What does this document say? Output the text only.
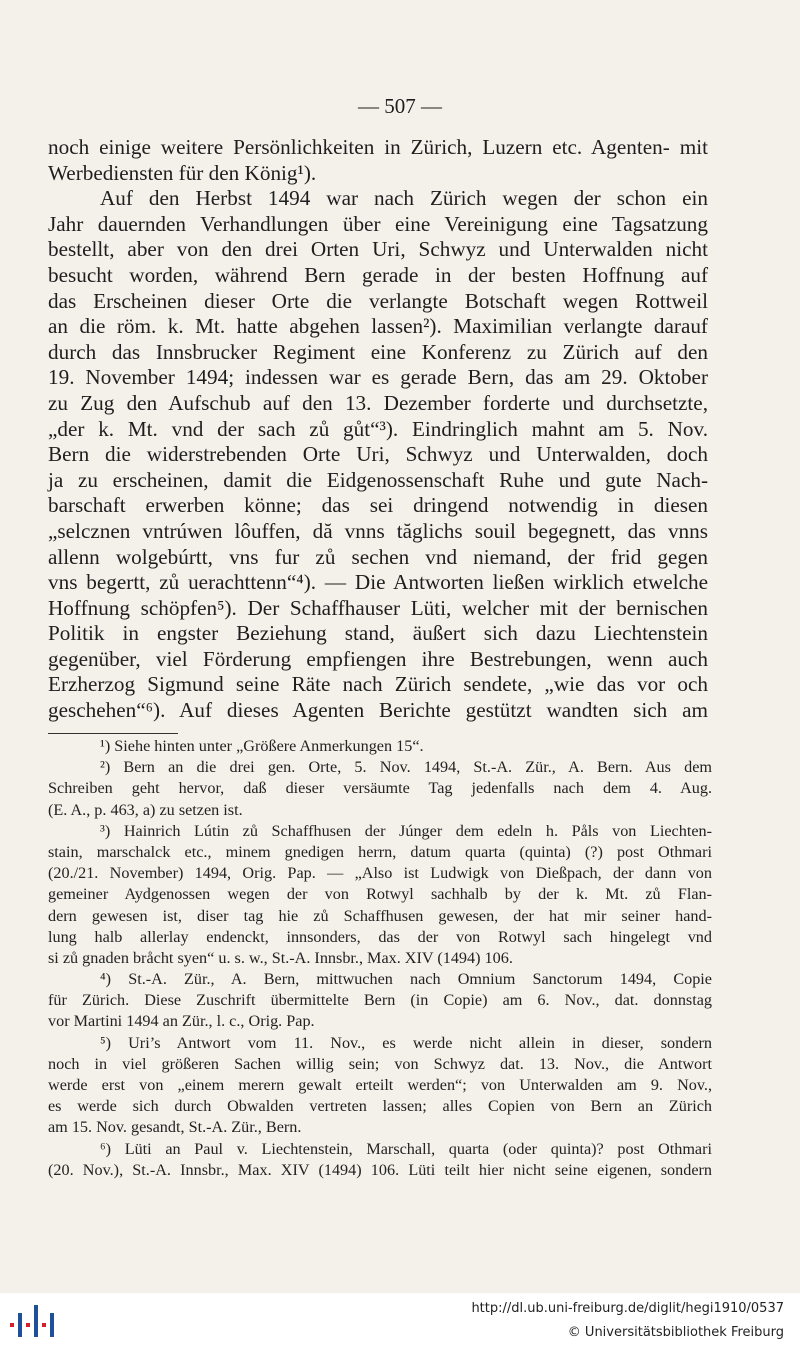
— 507 —
noch einige weitere Persönlichkeiten in Zürich, Luzern etc. Agenten- mit
Werbediensten für den König¹).
Auf den Herbst 1494 war nach Zürich wegen der schon ein
Jahr dauernden Verhandlungen über eine Vereinigung eine Tagsatzung
bestellt, aber von den drei Orten Uri, Schwyz und Unterwalden nicht
besucht worden, während Bern gerade in der besten Hoffnung auf
das Erscheinen dieser Orte die verlangte Botschaft wegen Rottweil
an die röm. k. Mt. hatte abgehen lassen²). Maximilian verlangte darauf
durch das Innsbrucker Regiment eine Konferenz zu Zürich auf den
19. November 1494; indessen war es gerade Bern, das am 29. Oktober
zu Zug den Aufschub auf den 13. Dezember forderte und durchsetzte,
„der k. Mt. vnd der sach zů gůt“³). Eindringlich mahnt am 5. Nov.
Bern die widerstrebenden Orte Uri, Schwyz und Unterwalden, doch
ja zu erscheinen, damit die Eidgenossenschaft Ruhe und gute Nach-
barschaft erwerben könne; das sei dringend notwendig in diesen
„selcznen vntrúwen lôuffen, dă vnns tăglichs souil begegnett, das vnns
allenn wolgebúrtt, vns fur zů sechen vnd niemand, der frid gegen
vns begertt, zů uerachttenn“⁴). — Die Antworten ließen wirklich etwelche
Hoffnung schöpfen⁵). Der Schaffhauser Lüti, welcher mit der bernischen
Politik in engster Beziehung stand, äußert sich dazu Liechtenstein
gegenüber, viel Förderung empfiengen ihre Bestrebungen, wenn auch
Erzherzog Sigmund seine Räte nach Zürich sendete, „wie das vor och
geschehen“⁶). Auf dieses Agenten Berichte gestützt wandten sich am
¹) Siehe hinten unter „Größere Anmerkungen 15“.
²) Bern an die drei gen. Orte, 5. Nov. 1494, St.-A. Zür., A. Bern. Aus dem
Schreiben geht hervor, daß dieser versäumte Tag jedenfalls nach dem 4. Aug.
(E. A., p. 463, a) zu setzen ist.
³) Hainrich Lútin zů Schaffhusen der Júnger dem edeln h. Påls von Liechten-
stain, marschalck etc., minem gnedigen herrn, datum quarta (quinta) (?) post Othmari
(20./21. November) 1494, Orig. Pap. — „Also ist Ludwigk von Dießpach, der dann von
gemeiner Aydgenossen wegen der von Rotwyl sachhalb by der k. Mt. zů Flan-
dern gewesen ist, diser tag hie zů Schaffhusen gewesen, der hat mir seiner hand-
lung halb allerlay endenckt, innsonders, das der von Rotwyl sach hingelegt vnd
si zů gnaden bråcht syen“ u. s. w., St.-A. Innsbr., Max. XIV (1494) 106.
⁴) St.-A. Zür., A. Bern, mittwuchen nach Omnium Sanctorum 1494, Copie
für Zürich. Diese Zuschrift übermittelte Bern (in Copie) am 6. Nov., dat. donnstag
vor Martini 1494 an Zür., l. c., Orig. Pap.
⁵) Uri’s Antwort vom 11. Nov., es werde nicht allein in dieser, sondern
noch in viel größeren Sachen willig sein; von Schwyz dat. 13. Nov., die Antwort
werde erst von „einem merern gewalt erteilt werden“; von Unterwalden am 9. Nov.,
es werde sich durch Obwalden vertreten lassen; alles Copien von Bern an Zürich
am 15. Nov. gesandt, St.-A. Zür., Bern.
⁶) Lüti an Paul v. Liechtenstein, Marschall, quarta (oder quinta)? post Othmari
(20. Nov.), St.-A. Innsbr., Max. XIV (1494) 106. Lüti teilt hier nicht seine eigenen, sondern
http://dl.ub.uni-freiburg.de/diglit/hegi1910/0537
© Universitätsbibliothek Freiburg
